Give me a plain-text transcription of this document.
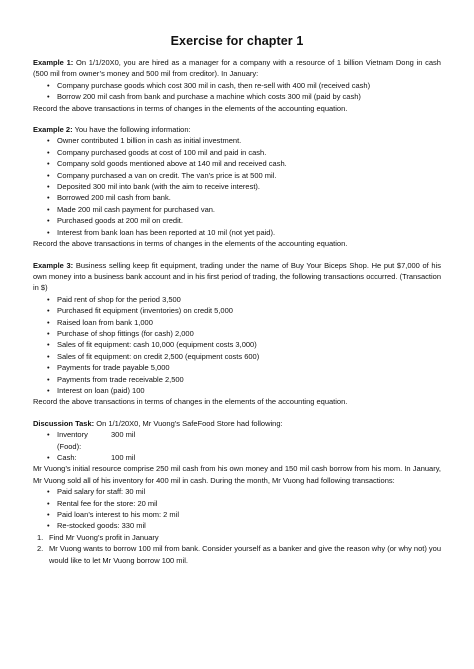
Exercise for chapter 1

Example 1: On 1/1/20X0, you are hired as a manager for a company with a resource of 1 billion Vietnam Dong in cash (500 mil from owner’s money and 500 mil from creditor). In January:

• Company purchase goods which cost 300 mil in cash, then re-sell with 400 mil (received cash)
• Borrow 200 mil cash from bank and purchase a machine which costs 300 mil (paid by cash)

Record the above transactions in terms of changes in the elements of the accounting equation.

Example 2: You have the following information:

• Owner contributed 1 billion in cash as initial investment.
• Company purchased goods at cost of 100 mil and paid in cash.
• Company sold goods mentioned above at 140 mil and received cash.
• Company purchased a van on credit. The van’s price is at 500 mil.
• Deposited 300 mil into bank (with the aim to receive interest).
• Borrowed 200 mil cash from bank.
• Made 200 mil cash payment for purchased van.
• Purchased goods at 200 mil on credit.
• Interest from bank loan has been reported at 10 mil (not yet paid).

Record the above transactions in terms of changes in the elements of the accounting equation.

Example 3: Business selling keep fit equipment, trading under the name of Buy Your Biceps Shop. He put $7,000 of his own money into a business bank account and in his first period of trading, the following transactions occurred. (Transaction in $)

• Paid rent of shop for the period 3,500
• Purchased fit equipment (inventories) on credit 5,000
• Raised loan from bank 1,000
• Purchase of shop fittings (for cash) 2,000
• Sales of fit equipment: cash 10,000 (equipment costs 3,000)
• Sales of fit equipment: on credit 2,500 (equipment costs 600)
• Payments for trade payable 5,000
• Payments from trade receivable 2,500
• Interest on loan (paid) 100

Record the above transactions in terms of changes in the elements of the accounting equation.

Discussion Task: On 1/1/20X0, Mr Vuong’s SafeFood Store had following:

• Inventory (Food):
300 mil
• Cash:	100 mil

Mr Vuong’s initial resource comprise 250 mil cash from his own money and 150 mil cash borrow from his mom. In January, Mr Vuong sold all of his inventory for 400 mil in cash. During the month, Mr Vuong had following transactions:

• Paid salary for staff: 30 mil
• Rental fee for the store: 20 mil
• Paid loan’s interest to his mom: 2 mil
• Re-stocked goods: 330 mil
1. Find Mr Vuong’s profit in January
2. Mr Vuong wants to borrow 100 mil from bank. Consider yourself as a banker and give the reason why (or why not) you would like to let Mr Vuong borrow 100 mil.
